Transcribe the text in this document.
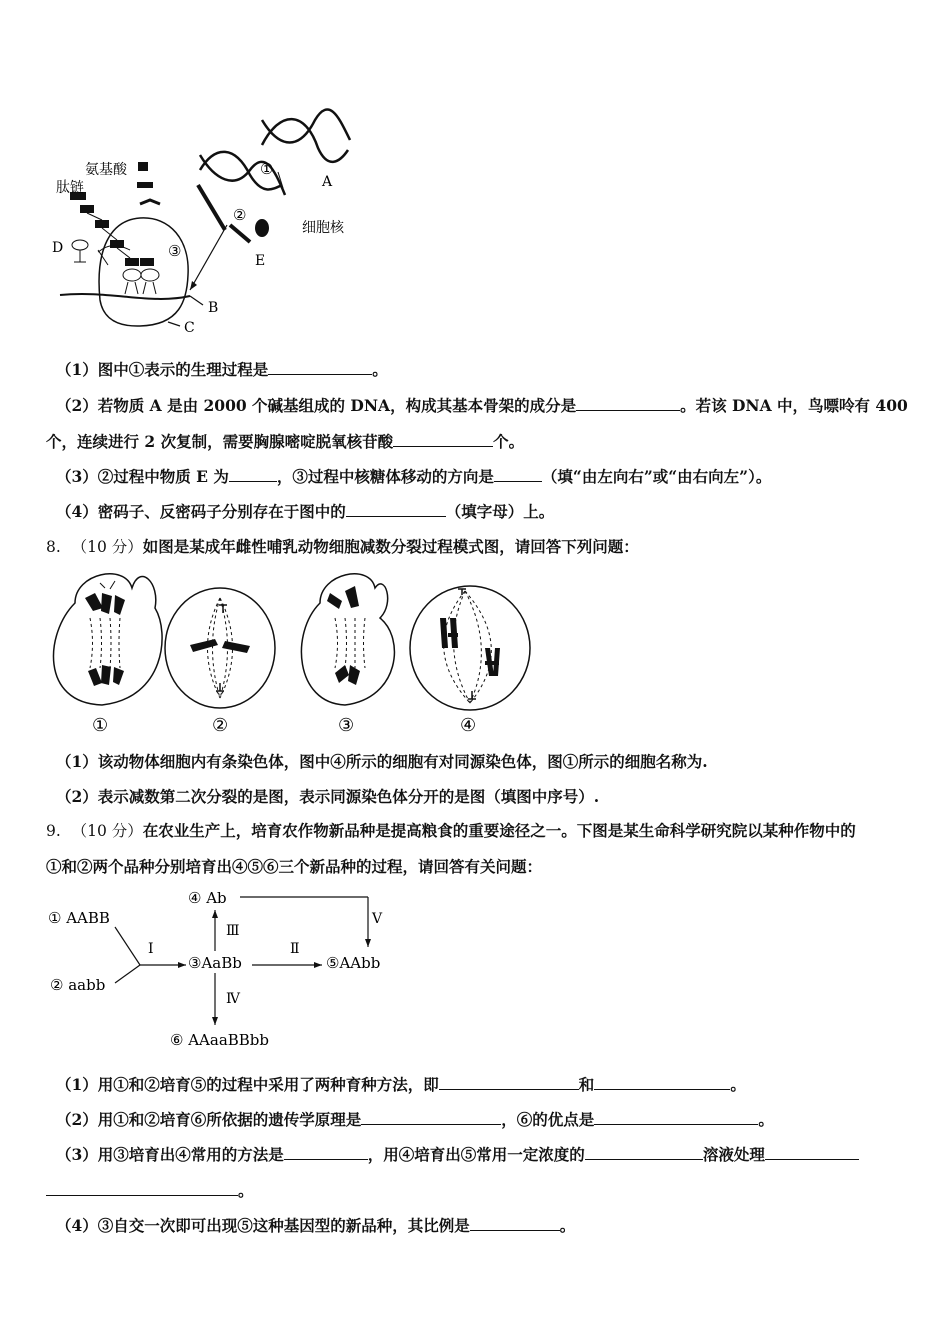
氨基酸
肽链
D
①
②
③
A
E
B
C
细胞核
（1）图中①表示的生理过程是	。
（2）若物质 A 是由 2000 个碱基组成的 DNA，构成其基本骨架的成分是	。若该 DNA 中，鸟嘌呤有 400
个，连续进行 2 次复制，需要胸腺嘧啶脱氧核苷酸	个。
（3）②过程中物质 E 为	，③过程中核糖体移动的方向是	（填“由左向右”或“由右向左”）。
（4）密码子、反密码子分别存在于图中的	（填字母）上。
8. （10 分）如图是某成年雌性哺乳动物细胞减数分裂过程模式图，请回答下列问题：
①	②	③	④
（1）该动物体细胞内有条染色体，图中④所示的细胞有对同源染色体，图①所示的细胞名称为.
（2）表示减数第二次分裂的是图，表示同源染色体分开的是图（填图中序号）.
9. （10 分）在农业生产上，培育农作物新品种是提高粮食的重要途径之一。下图是某生命科学研究院以某种作物中的
①和②两个品种分别培育出④⑤⑥三个新品种的过程，请回答有关问题：
① AABB
② aabb
④ Ab
③AaBb	⑤AAbb
⑥ AAaaBBbb
Ⅰ
Ⅲ
Ⅱ
Ⅴ
Ⅳ
（1）用①和②培育⑤的过程中采用了两种育种方法，即	和	。
（2）用①和②培育⑥所依据的遗传学原理是	，⑥的优点是	。
（3）用③培育出④常用的方法是	，用④培育出⑤常用一定浓度的	溶液处理
。
（4）③自交一次即可出现⑤这种基因型的新品种，其比例是	。
